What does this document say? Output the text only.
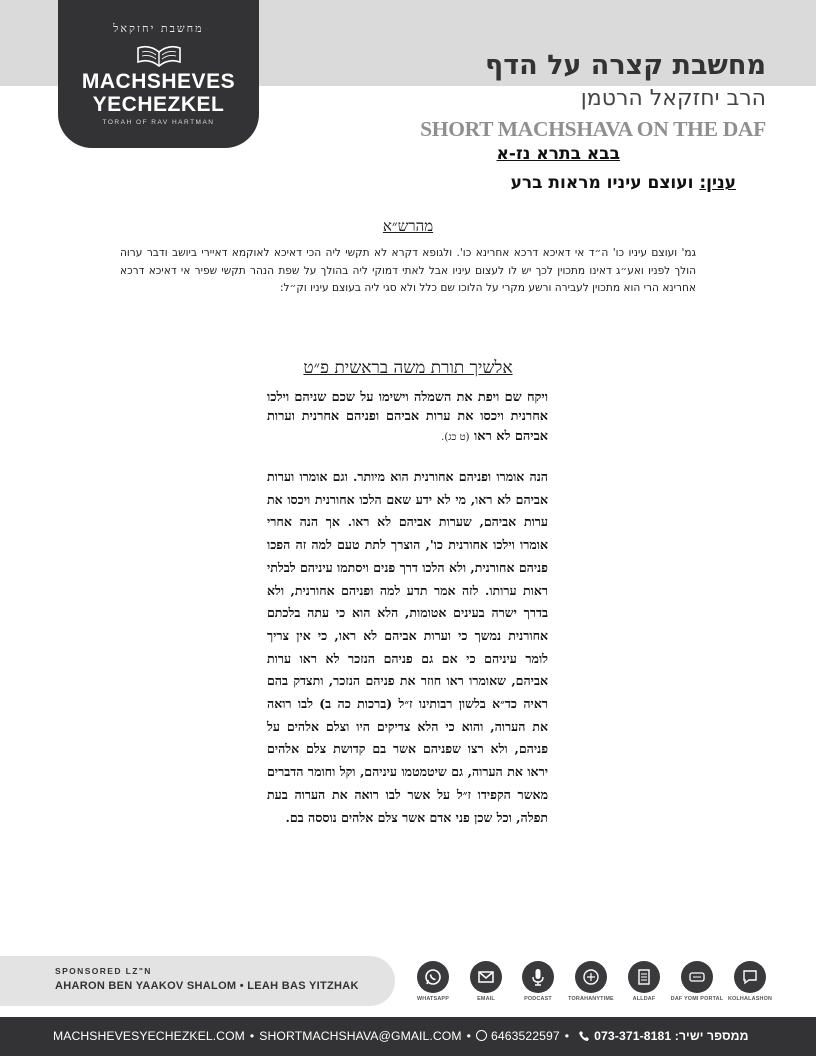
מחשבת יחזקאל
MACHSHEVES
YECHEZKEL
TORAH OF RAV HARTMAN
מחשבת קצרה על הדף
הרב יחזקאל הרטמן
SHORT MACHSHAVA ON THE DAF
בבא בתרא נז-א
ענין: ועוצם עיניו מראות ברע
מהרש״א
גמ' ועוצם עיניו כו' ה״ד אי דאיכא דרכא אחרינא כו'. ולגופא דקרא לא תקשי ליה הכי דאיכא לאוקמא דאיירי ביושב ודבר ערוה הולך לפניו ואע״ג דאינו מתכוין לכך יש לו לעצום עיניו אבל לאתי דמוקי ליה בהולך על שפת הנהר תקשי שפיר אי דאיכא דרכא אחרינא הרי הוא מתכוין לעבירה ורשע מקרי על הלוכו שם כלל ולא סגי ליה בעוצם עיניו וק״ל:
אלשיך תורת משה בראשית פ״ט
ויקח שם ויפת את השמלה וישימו על שכם שניהם וילכו אחרנית ויכסו את ערות אביהם ופניהם אחרנית וערות אביהם לא ראו (ט כג).
הנה אומרו ופניהם אחורנית הוא מיותר. וגם אומרו וערות אביהם לא ראו, מי לא ידע שאם הלכו אחורנית ויכסו את ערות אביהם, שערות אביהם לא ראו. אך הנה אחרי אומרו וילכו אחורנית כו', הוצרך לתת טעם למה זה הפכו פניהם אחורנית, ולא הלכו דרך פנים ויסתמו עיניהם לבלתי ראות ערותו. לזה אמר תדע למה ופניהם אחורנית, ולא בדרך ישרה בעינים אטומות, הלא הוא כי עתה בלכתם אחורנית נמשך כי וערות אביהם לא ראו, כי אין צריך לומר עיניהם כי אם גם פניהם הנזכר לא ראו ערות אביהם, שאומרו ראו חוזר את פניהם הנזכר, ותצדק בהם ראיה כד״א בלשון רבותינו ז״ל (ברכות כה ב) לבו רואה את הערוה, והוא כי הלא צדיקים היו וצלם אלהים על פניהם, ולא רצו שפניהם אשר בם קדושת צלם אלהים יראו את הערוה, גם שיטמטמו עיניהם, וקל וחומר הדברים מאשר הקפידו ז״ל על אשר לבו רואה את הערוה בעת תפלה, וכל שכן פני אדם אשר צלם אלהים נוססה בם.
SPONSORED LZ"N
AHARON BEN YAAKOV SHALOM • LEAH BAS YITZHAK
WHATSAPP	EMAIL	PODCAST	TORAHANYTIME	ALLDAF	DAF YOMI PORTAL KOLHALASHON
MACHSHEVESYECHEZKEL.COM • SHORTMACHSHAVA@GMAIL.COM • 6463522597 • 073-371-8181 ממספר ישיר:
